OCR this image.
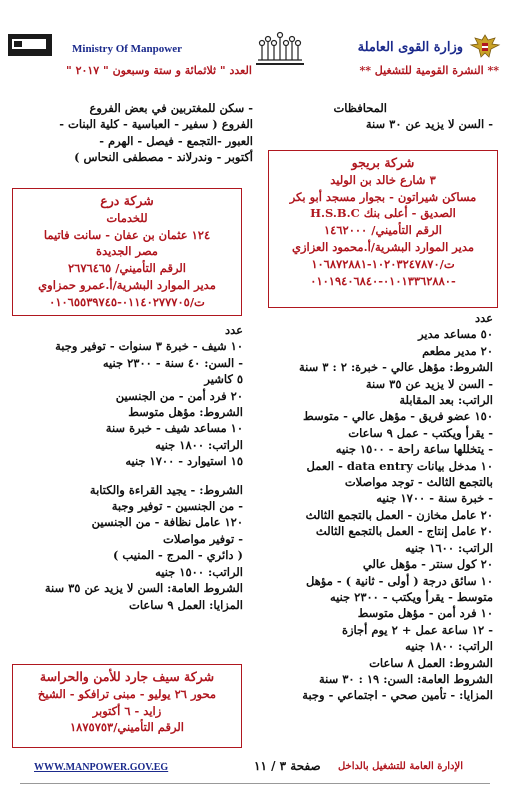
Ministry Of Manpower
العدد " ثلاثمائة و ستة وسبعون " ٢٠١٧ "
وزارة القوى العاملة
** النشرة القومية للتشغيل **
المحافظات
- السن لا يزيد عن ٣٠ سنة
شركة بريجو
٣ شارع خالد بن الوليد
مساكن شيراتون - بجوار مسجد أبو بكر
الصديق - أعلى بنك H.S.B.C
الرقم التأميني/ ١٤٦٢٠٠٠
مدير الموارد البشرية/أ.محمود العزازي
ت/١٠٢٠٣٢٤٧٨٧٠-١٠٦٨٧٢٨٨١
-٠١٠١٣٣٦٢٨٨٠-٠١٠١٩٤٠٦٨٤٠
عدد
٥٠ مساعد مدير
٢٠ مدير مطعم
الشروط: مؤهل عالي - خبرة: ٢ : ٣ سنة
- السن لا يزيد عن ٣٥ سنة
الراتب: بعد المقابلة
١٥٠ عضو فريق - مؤهل عالي - متوسط
- يقرأ ويكتب - عمل ٩ ساعات
- يتخللها ساعة راحة - ١٥٠٠ جنيه
١٠ مدخل بيانات data entry - العمل
بالتجمع الثالث - توجد مواصلات
- خبرة سنة - ١٧٠٠ جنيه
٢٠ عامل مخازن - العمل بالتجمع الثالث
٢٠ عامل إنتاج - العمل بالتجمع الثالث
الراتب: ١٦٠٠ جنيه
٢٠ كول سنتر - مؤهل عالي
١٠ سائق درجة ( أولى - ثانية ) - مؤهل
متوسط - يقرأ ويكتب - ٢٣٠٠ جنيه
١٠ فرد أمن - مؤهل متوسط
- ١٢ ساعة عمل + ٢ يوم أجازة
الراتب: ١٨٠٠ جنيه
الشروط: العمل ٨ ساعات
الشروط العامة: السن: ١٩ : ٣٠ سنة
المزايا: - تأمين صحي - اجتماعي - وجبة
- سكن للمغتربين في بعض الفروع
الفروع ( سفير - العباسية - كلية البنات -
العبور -التجمع - فيصل - الهرم -
أكتوبر - وندرلاند - مصطفى النحاس )
شركة درع
للخدمات
١٢٤ عثمان بن عفان - سانت فاتيما
مصر الجديدة
الرقم التأميني/ ٢٦٧٦٤٦٥
مدير الموارد البشرية/أ.عمرو حمزاوي
ت/٠١١٤٠٢٧٧٧٠٥-٠١٠٦٥٥٣٩٧٤٥
عدد
١٠ شيف - خبرة ٣ سنوات - توفير وجبة
- السن: ٤٠ سنة - ٢٣٠٠ جنيه
٥ كاشير
٢٠ فرد أمن - من الجنسين
الشروط: مؤهل متوسط
١٠ مساعد شيف - خبرة سنة
الراتب: ١٨٠٠ جنيه
١٥ استيوارد - ١٧٠٠ جنيه
الشروط: - يجيد القراءة والكتابة
- من الجنسين - توفير وجبة
١٢٠ عامل نظافة - من الجنسين
- توفير مواصلات
( دائري - المرج - المنيب )
الراتب: ١٥٠٠ جنيه
الشروط العامة: السن لا يزيد عن ٣٥ سنة
المزايا: العمل ٩ ساعات
شركة سيف جارد للأمن والحراسة
محور ٢٦ يوليو - مبنى ترافكو - الشيخ
زايد - ٦ أكتوبر
الرقم التأميني/١٨٧٥٧٥٣
WWW.MANPOWER.GOV.EG	صفحة ٣ / ١١ الإدارة العامة للتشغيل بالداخل
